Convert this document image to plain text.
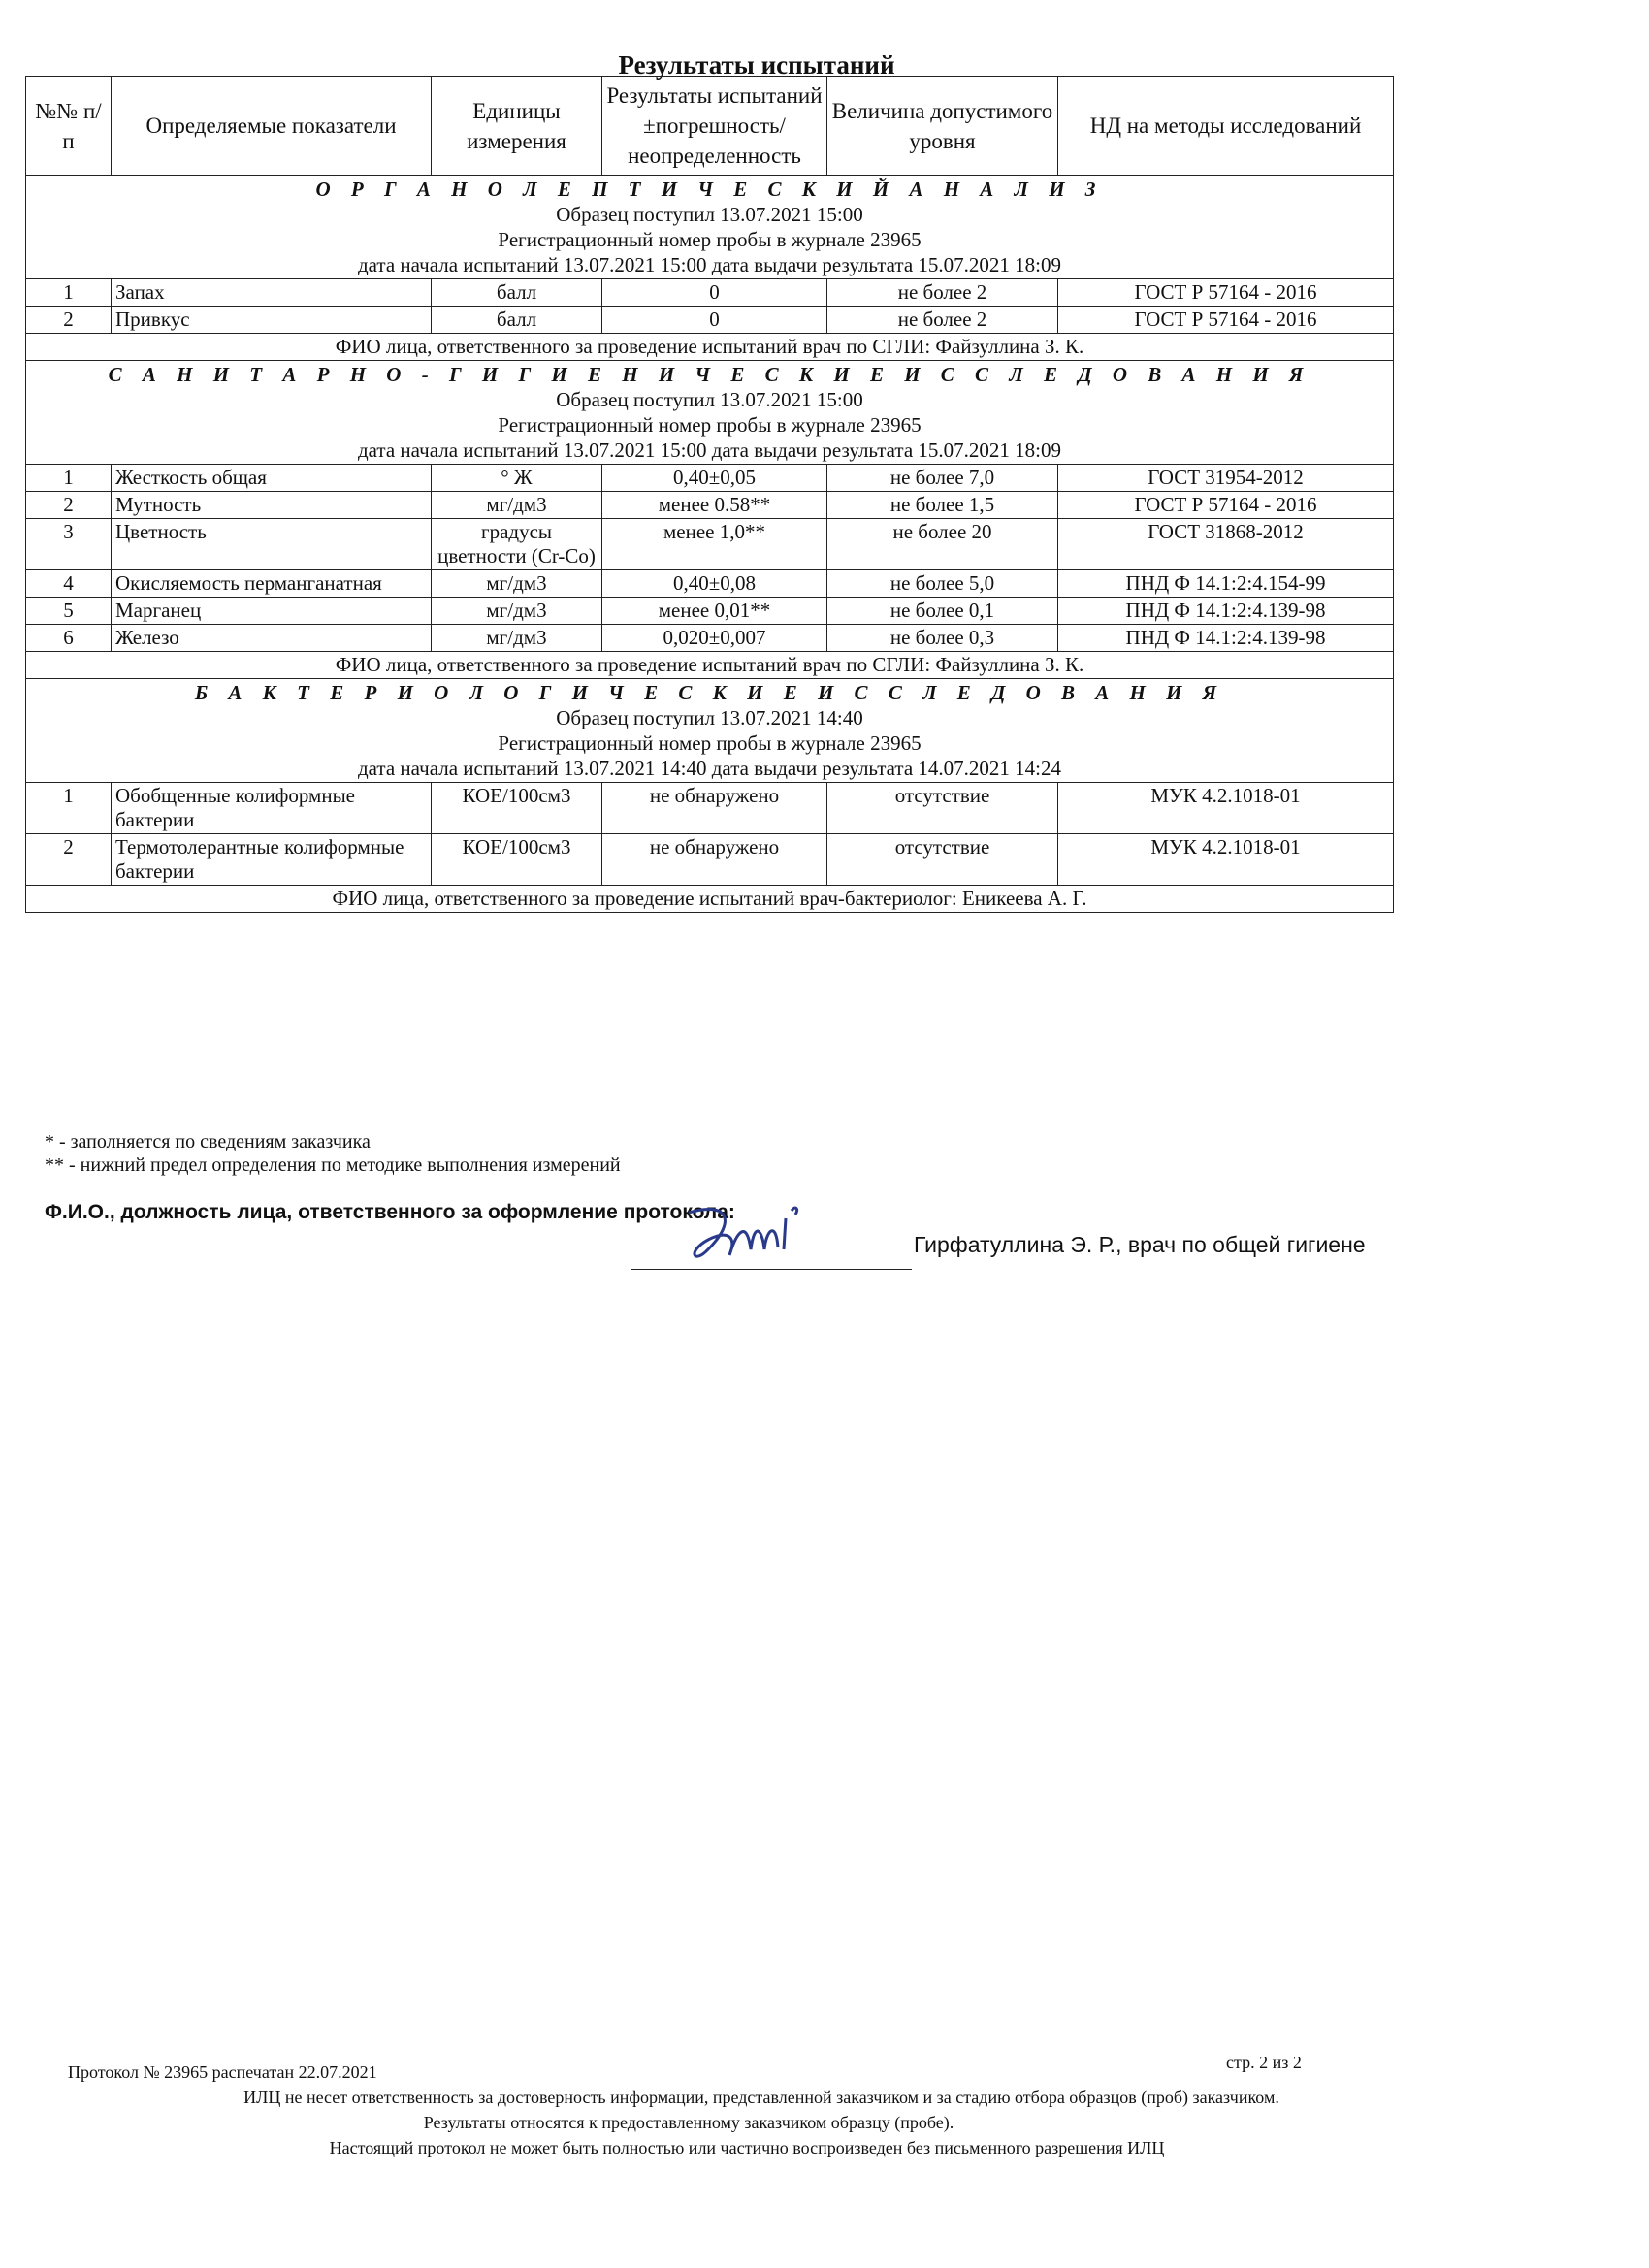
Результаты испытаний
№№ п/п	Определяемые показатели	Единицы измерения	Результаты испытаний ±погрешность/ неопределенность	Величина допустимого уровня	НД на методы исследований

О Р Г А Н О Л Е П Т И Ч Е С К И Й А Н А Л И З
Образец поступил 13.07.2021 15:00
Регистрационный номер пробы в журнале 23965
дата начала испытаний 13.07.2021 15:00 дата выдачи результата 15.07.2021 18:09					

1	Запах	балл	0	не более 2	ГОСТ Р 57164 - 2016
2	Привкус	балл	0	не более 2	ГОСТ Р 57164 - 2016
ФИО лица, ответственного за проведение испытаний врач по СГЛИ: Файзуллина З. К.					

С А Н И Т А Р Н О - Г И Г И Е Н И Ч Е С К И Е И С С Л Е Д О В А Н И Я
Образец поступил 13.07.2021 15:00
Регистрационный номер пробы в журнале 23965
дата начала испытаний 13.07.2021 15:00 дата выдачи результата 15.07.2021 18:09					

1	Жесткость общая	° Ж	0,40±0,05	не более 7,0	ГОСТ 31954-2012
2	Мутность	мг/дм3	менее 0.58**	не более 1,5	ГОСТ Р 57164 - 2016
3	Цветность	градусы цветности (Cr-Co)	менее 1,0**	не более 20	ГОСТ 31868-2012
4	Окисляемость перманганатная	мг/дм3	0,40±0,08	не более 5,0	ПНД Ф 14.1:2:4.154-99
5	Марганец	мг/дм3	менее 0,01**	не более 0,1	ПНД Ф 14.1:2:4.139-98
6	Железо	мг/дм3	0,020±0,007	не более 0,3	ПНД Ф 14.1:2:4.139-98
ФИО лица, ответственного за проведение испытаний врач по СГЛИ: Файзуллина З. К.					

Б А К Т Е Р И О Л О Г И Ч Е С К И Е И С С Л Е Д О В А Н И Я
Образец поступил 13.07.2021 14:40
Регистрационный номер пробы в журнале 23965
дата начала испытаний 13.07.2021 14:40 дата выдачи результата 14.07.2021 14:24					

1	Обобщенные колиформные бактерии	КОЕ/100см3	не обнаружено	отсутствие	МУК 4.2.1018-01
2	Термотолерантные колиформные бактерии	КОЕ/100см3	не обнаружено	отсутствие	МУК 4.2.1018-01
ФИО лица, ответственного за проведение испытаний врач-бактериолог: Еникеева А. Г.					
* - заполняется по сведениям заказчика
** - нижний предел определения по методике выполнения измерений
Ф.И.О., должность лица, ответственного за оформление протокола:
Гирфатуллина Э. Р., врач по общей гигиене
Протокол № 23965 распечатан 22.07.2021	стр. 2 из 2
ИЛЦ не несет ответственность за достоверность информации, представленной заказчиком и за стадию отбора образцов (проб) заказчиком.
Результаты относятся к предоставленному заказчиком образцу (пробе).
Настоящий протокол не может быть полностью или частично воспроизведен без письменного разрешения ИЛЦ
